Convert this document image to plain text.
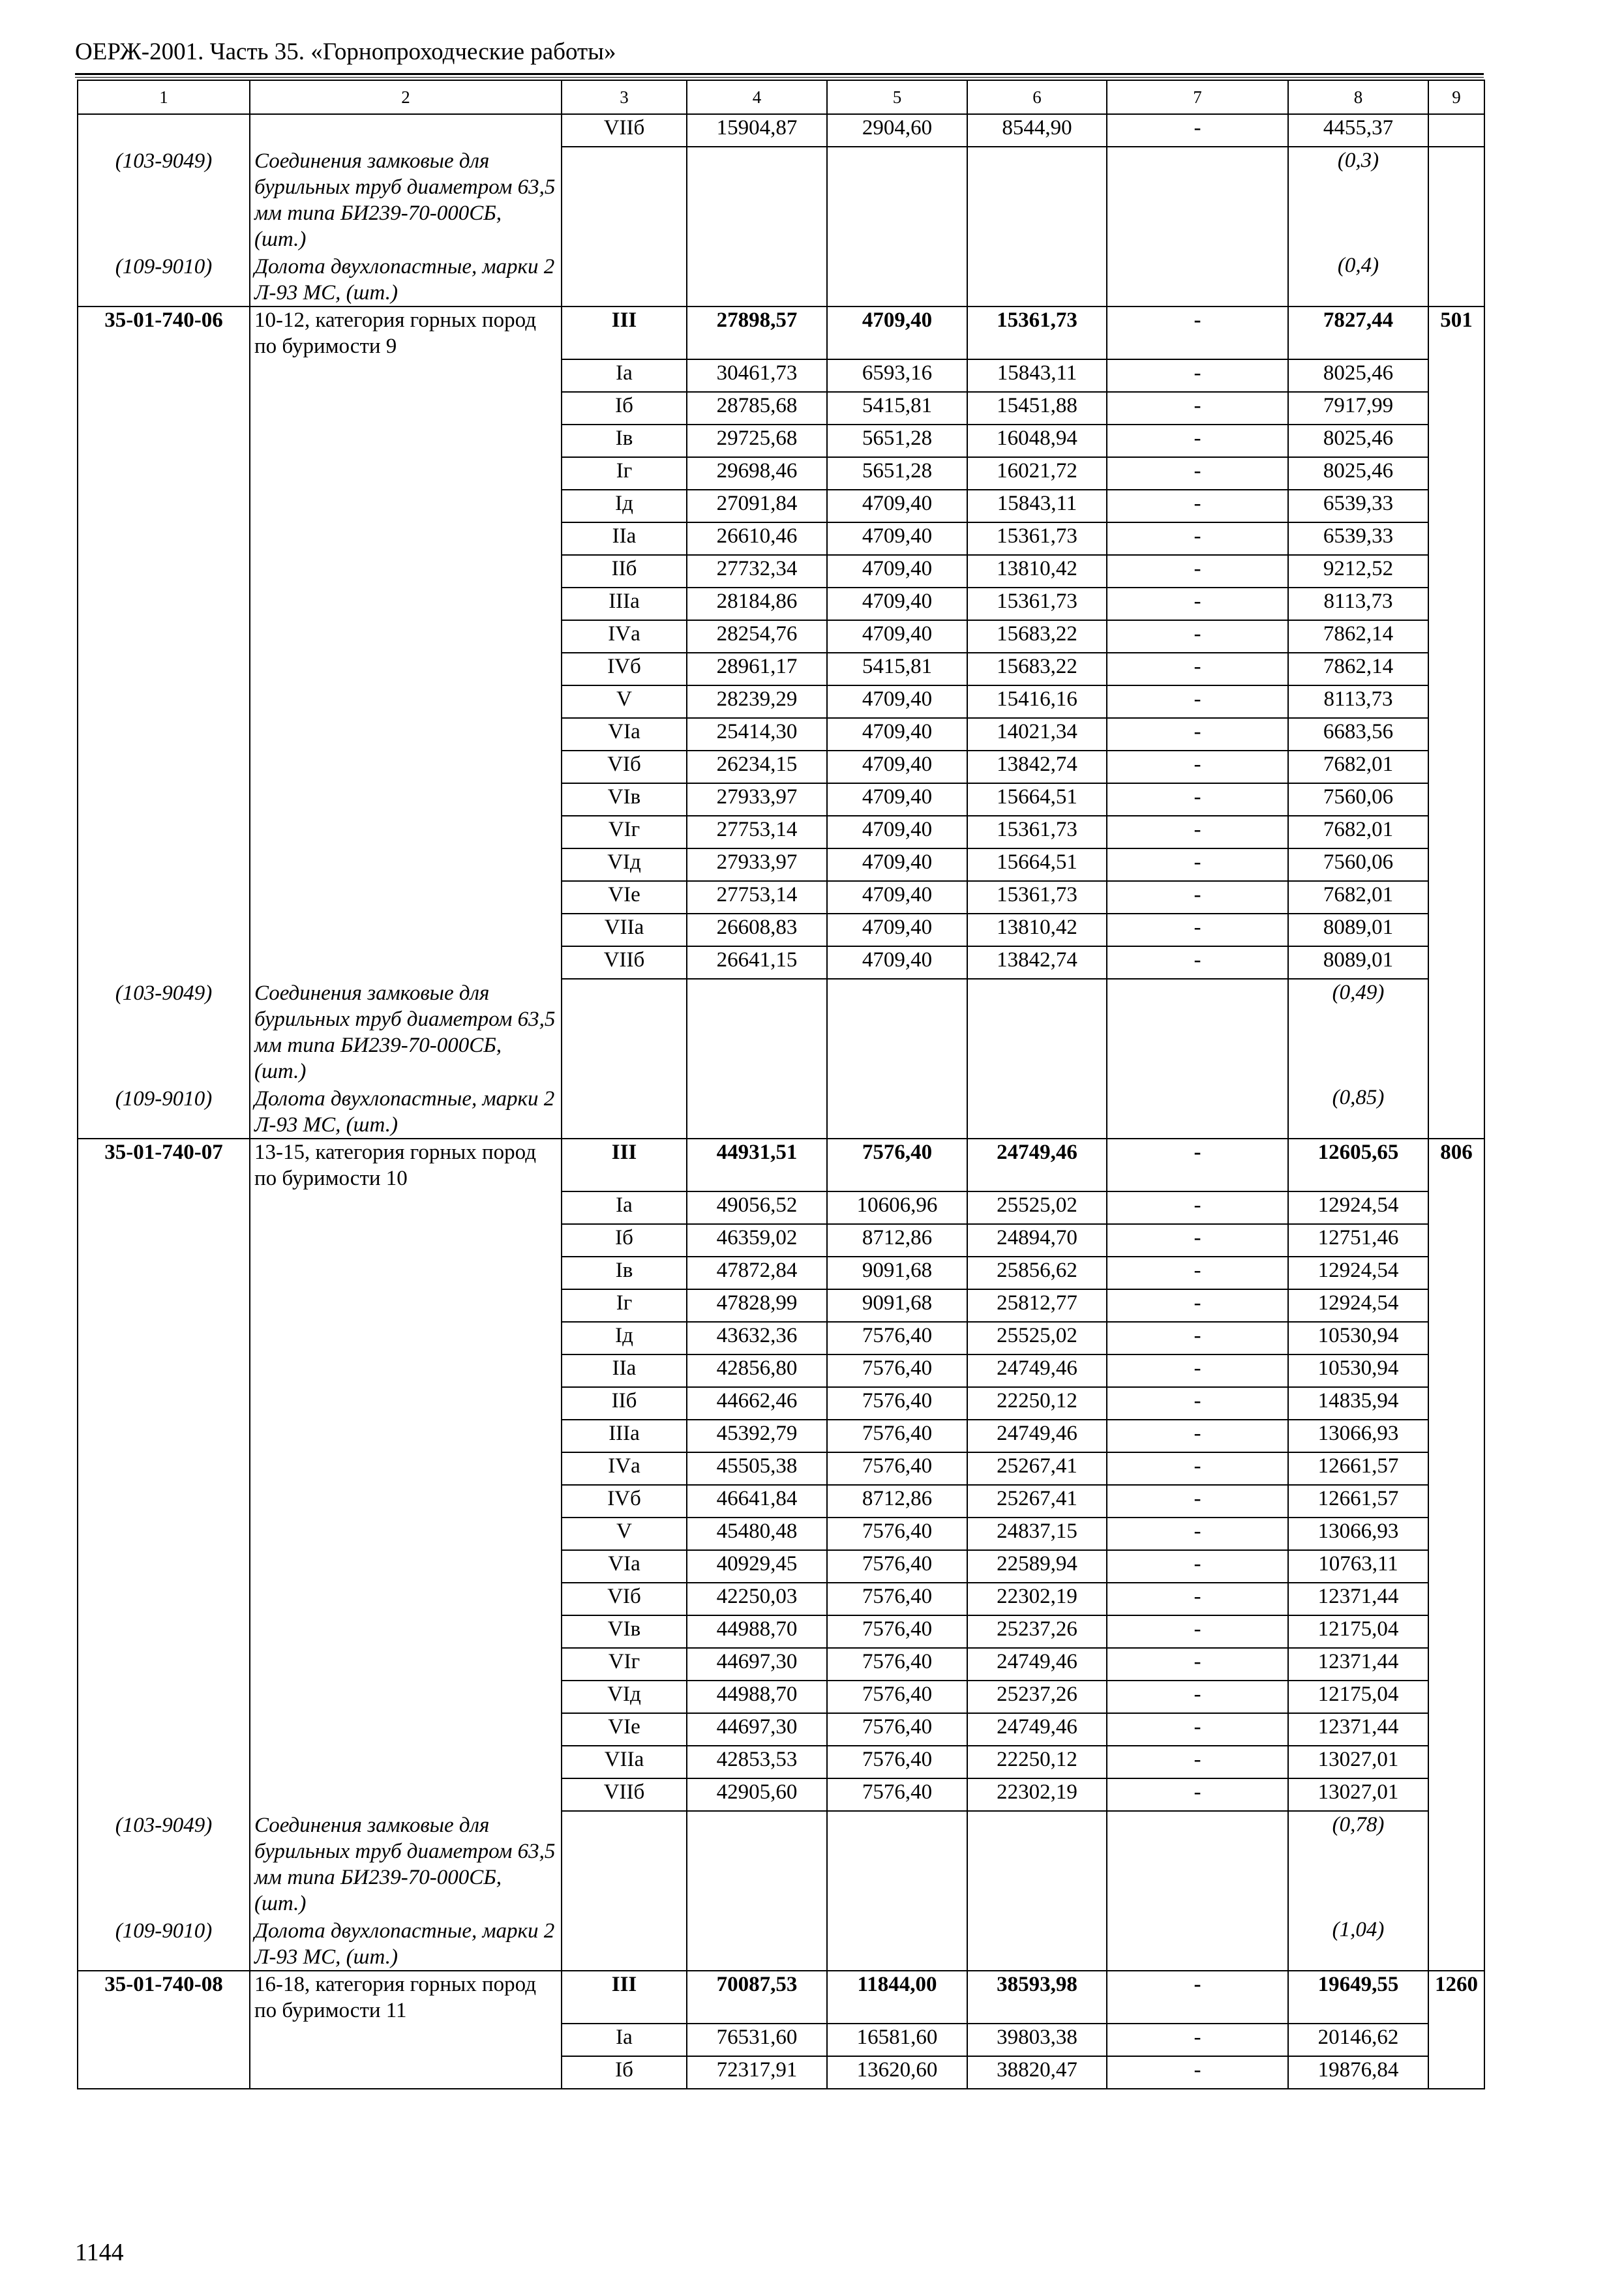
ОЕРЖ-2001. Часть 35. «Горнопроходческие работы»
1	2	3	4	5	6	7	8	9
		VIIб	15904,87	2904,60	8544,90	-	4455,37	
(103-9049)	Соединения замковые для бурильных труб диаметром 63,5 мм типа БИ239-70-000СБ, (шт.)						(0,3)	
(109-9010)	Долота двухлопастные, марки 2 Л-93 МС, (шт.)						(0,4)	
35-01-740-06	10-12, категория горных пород по буримости 9	III	27898,57	4709,40	15361,73	-	7827,44	501
		Iа	30461,73	6593,16	15843,11	-	8025,46	
		Iб	28785,68	5415,81	15451,88	-	7917,99	
		Iв	29725,68	5651,28	16048,94	-	8025,46	
		Iг	29698,46	5651,28	16021,72	-	8025,46	
		Iд	27091,84	4709,40	15843,11	-	6539,33	
		IIа	26610,46	4709,40	15361,73	-	6539,33	
		IIб	27732,34	4709,40	13810,42	-	9212,52	
		IIIа	28184,86	4709,40	15361,73	-	8113,73	
		IVа	28254,76	4709,40	15683,22	-	7862,14	
		IVб	28961,17	5415,81	15683,22	-	7862,14	
		V	28239,29	4709,40	15416,16	-	8113,73	
		VIа	25414,30	4709,40	14021,34	-	6683,56	
		VIб	26234,15	4709,40	13842,74	-	7682,01	
		VIв	27933,97	4709,40	15664,51	-	7560,06	
		VIг	27753,14	4709,40	15361,73	-	7682,01	
		VIд	27933,97	4709,40	15664,51	-	7560,06	
		VIе	27753,14	4709,40	15361,73	-	7682,01	
		VIIа	26608,83	4709,40	13810,42	-	8089,01	
		VIIб	26641,15	4709,40	13842,74	-	8089,01	
(103-9049)	Соединения замковые для бурильных труб диаметром 63,5 мм типа БИ239-70-000СБ, (шт.)						(0,49)	
(109-9010)	Долота двухлопастные, марки 2 Л-93 МС, (шт.)						(0,85)	
35-01-740-07	13-15, категория горных пород по буримости 10	III	44931,51	7576,40	24749,46	-	12605,65	806
		Iа	49056,52	10606,96	25525,02	-	12924,54	
		Iб	46359,02	8712,86	24894,70	-	12751,46	
		Iв	47872,84	9091,68	25856,62	-	12924,54	
		Iг	47828,99	9091,68	25812,77	-	12924,54	
		Iд	43632,36	7576,40	25525,02	-	10530,94	
		IIа	42856,80	7576,40	24749,46	-	10530,94	
		IIб	44662,46	7576,40	22250,12	-	14835,94	
		IIIа	45392,79	7576,40	24749,46	-	13066,93	
		IVа	45505,38	7576,40	25267,41	-	12661,57	
		IVб	46641,84	8712,86	25267,41	-	12661,57	
		V	45480,48	7576,40	24837,15	-	13066,93	
		VIа	40929,45	7576,40	22589,94	-	10763,11	
		VIб	42250,03	7576,40	22302,19	-	12371,44	
		VIв	44988,70	7576,40	25237,26	-	12175,04	
		VIг	44697,30	7576,40	24749,46	-	12371,44	
		VIд	44988,70	7576,40	25237,26	-	12175,04	
		VIе	44697,30	7576,40	24749,46	-	12371,44	
		VIIа	42853,53	7576,40	22250,12	-	13027,01	
		VIIб	42905,60	7576,40	22302,19	-	13027,01	
(103-9049)	Соединения замковые для бурильных труб диаметром 63,5 мм типа БИ239-70-000СБ, (шт.)						(0,78)	
(109-9010)	Долота двухлопастные, марки 2 Л-93 МС, (шт.)						(1,04)	
35-01-740-08	16-18, категория горных пород по буримости 11	III	70087,53	11844,00	38593,98	-	19649,55	1260
		Iа	76531,60	16581,60	39803,38	-	20146,62	
		Iб	72317,91	13620,60	38820,47	-	19876,84	
1144
